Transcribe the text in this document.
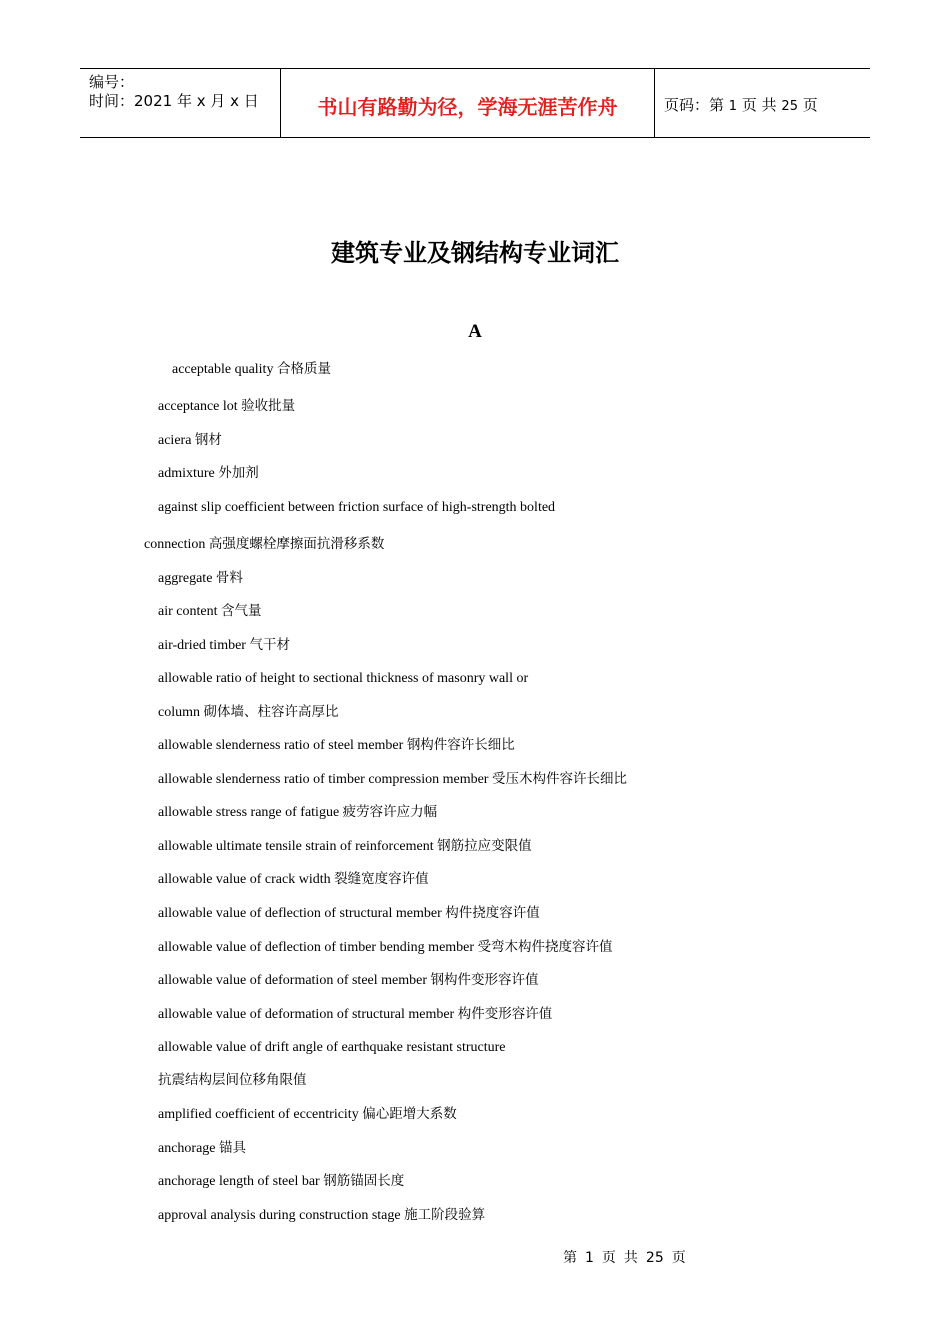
编号：
时间：2021 年 x 月 x 日	书山有路勤为径，学海无涯苦作舟	页码：第 1 页 共 25 页
建筑专业及钢结构专业词汇
A
acceptable quality 合格质量
acceptance lot 验收批量
aciera 钢材
admixture 外加剂
against slip coefficient between friction surface of high-strength bolted
connection 高强度螺栓摩擦面抗滑移系数
aggregate 骨料
air content 含气量
air-dried timber 气干材
allowable ratio of height to sectional thickness of masonry wall or
column 砌体墙、柱容许高厚比
allowable slenderness ratio of steel member 钢构件容许长细比
allowable slenderness ratio of timber compression member 受压木构件容许长细比
allowable stress range of fatigue 疲劳容许应力幅
allowable ultimate tensile strain of reinforcement 钢筋拉应变限值
allowable value of crack width 裂缝宽度容许值
allowable value of deflection of structural member 构件挠度容许值
allowable value of deflection of timber bending member 受弯木构件挠度容许值
allowable value of deformation of steel member 钢构件变形容许值
allowable value of deformation of structural member 构件变形容许值
allowable value of drift angle of earthquake resistant structure
抗震结构层间位移角限值
amplified coefficient of eccentricity 偏心距增大系数
anchorage 锚具
anchorage length of steel bar 钢筋锚固长度
approval analysis during construction stage 施工阶段验算
第 1 页 共 25 页
